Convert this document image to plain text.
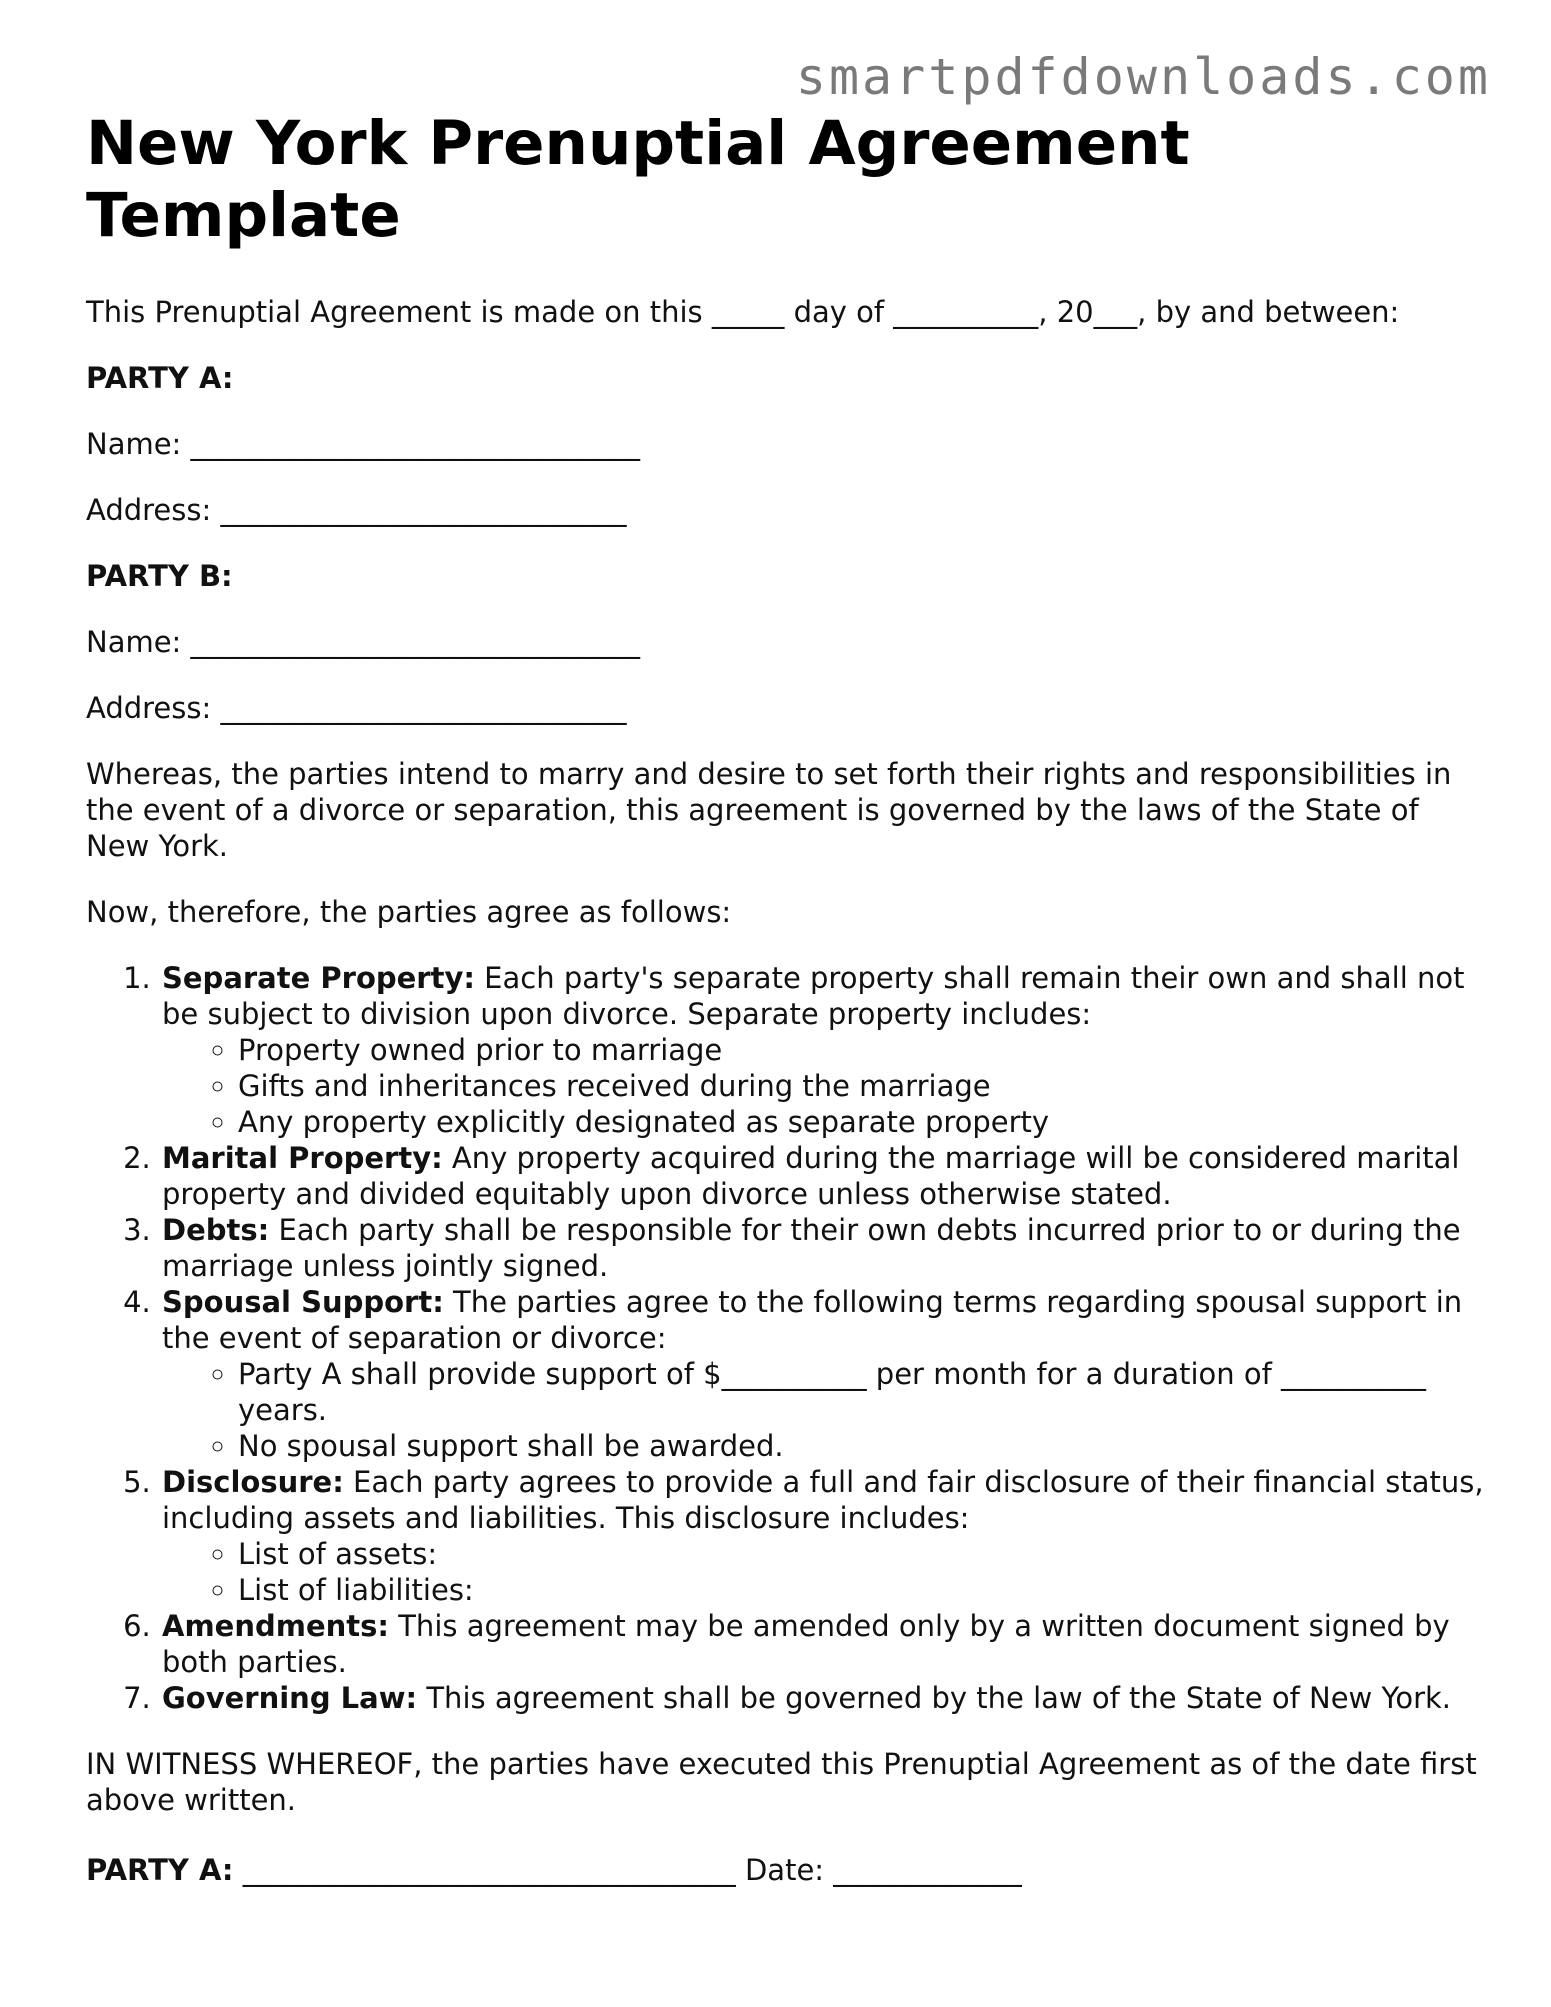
smartpdfdownloads.com
New York Prenuptial Agreement Template

This Prenuptial Agreement is made on this _____ day of __________, 20___, by and between:

PARTY A:

Name: _______________________________

Address: ____________________________

PARTY B:

Name: _______________________________

Address: ____________________________

Whereas, the parties intend to marry and desire to set forth their rights and responsibilities in the event of a divorce or separation, this agreement is governed by the laws of the State of New York.

Now, therefore, the parties agree as follows:

1. Separate Property: Each party's separate property shall remain their own and shall not be subject to division upon divorce. Separate property includes:
◦ Property owned prior to marriage
◦ Gifts and inheritances received during the marriage
◦ Any property explicitly designated as separate property
2. Marital Property: Any property acquired during the marriage will be considered marital property and divided equitably upon divorce unless otherwise stated.
3. Debts: Each party shall be responsible for their own debts incurred prior to or during the marriage unless jointly signed.
4. Spousal Support: The parties agree to the following terms regarding spousal support in the event of separation or divorce:
◦ Party A shall provide support of $__________ per month for a duration of __________ years.
◦ No spousal support shall be awarded.
5. Disclosure: Each party agrees to provide a full and fair disclosure of their financial status, including assets and liabilities. This disclosure includes:
◦ List of assets:
◦ List of liabilities:
6. Amendments: This agreement may be amended only by a written document signed by both parties.
7. Governing Law: This agreement shall be governed by the law of the State of New York.

IN WITNESS WHEREOF, the parties have executed this Prenuptial Agreement as of the date first above written.

PARTY A: __________________________________ Date: _____________
